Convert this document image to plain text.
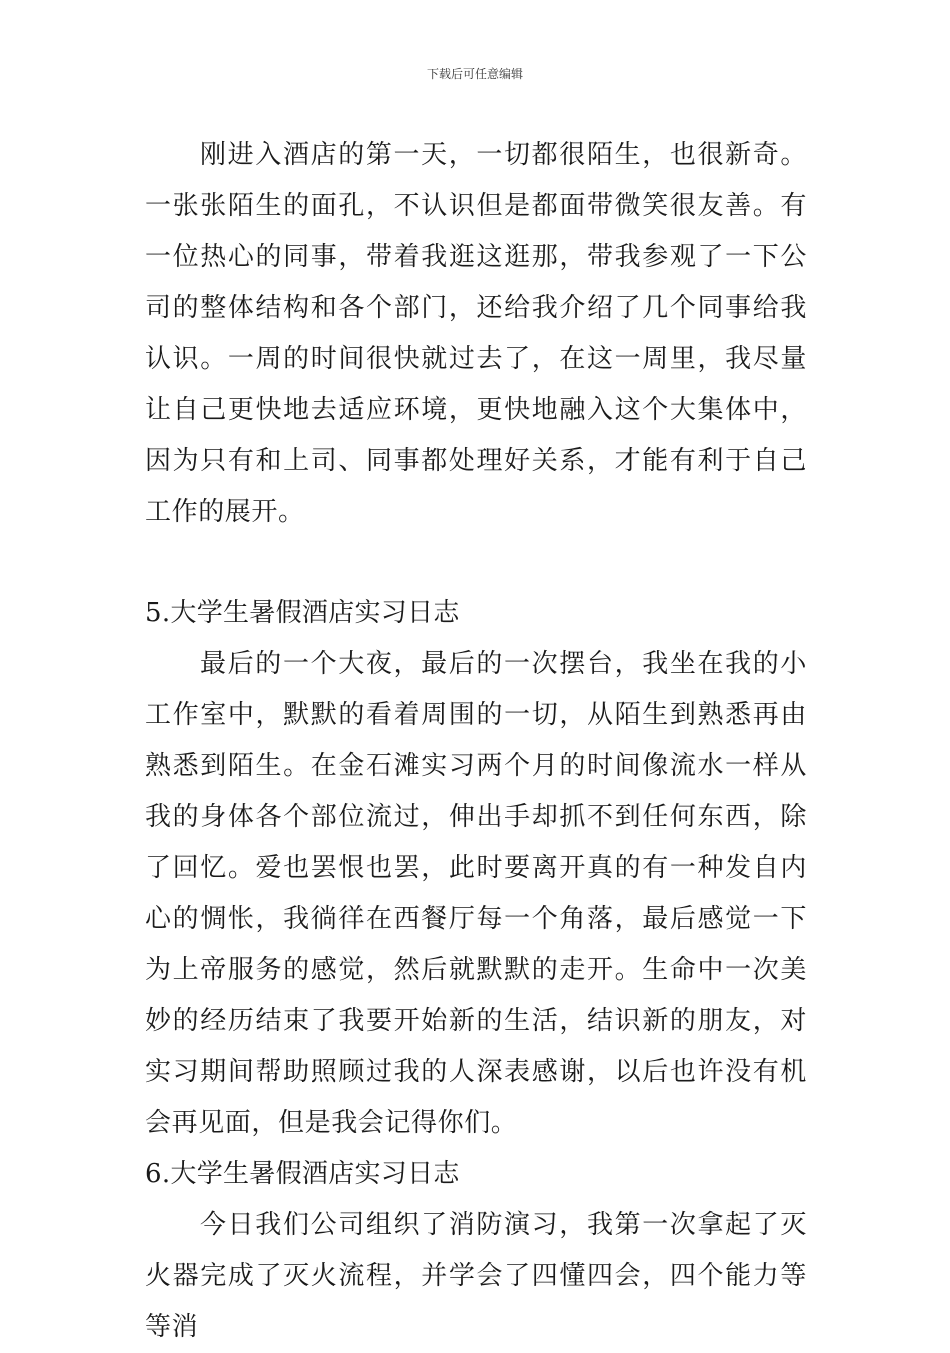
下载后可任意编辑

刚进入酒店的第一天，一切都很陌生，也很新奇。一张张陌生的面孔，不认识但是都面带微笑很友善。有一位热心的同事，带着我逛这逛那，带我参观了一下公司的整体结构和各个部门，还给我介绍了几个同事给我认识。一周的时间很快就过去了，在这一周里，我尽量让自己更快地去适应环境，更快地融入这个大集体中，因为只有和上司、同事都处理好关系，才能有利于自己工作的展开。

5.大学生暑假酒店实习日志

最后的一个大夜，最后的一次摆台，我坐在我的小工作室中，默默的看着周围的一切，从陌生到熟悉再由熟悉到陌生。在金石滩实习两个月的时间像流水一样从我的身体各个部位流过，伸出手却抓不到任何东西，除了回忆。爱也罢恨也罢，此时要离开真的有一种发自内心的惆怅，我徜徉在西餐厅每一个角落，最后感觉一下为上帝服务的感觉，然后就默默的走开。生命中一次美妙的经历结束了我要开始新的生活，结识新的朋友，对实习期间帮助照顾过我的人深表感谢，以后也许没有机会再见面，但是我会记得你们。

6.大学生暑假酒店实习日志

今日我们公司组织了消防演习，我第一次拿起了灭火器完成了灭火流程，并学会了四懂四会，四个能力等等消
